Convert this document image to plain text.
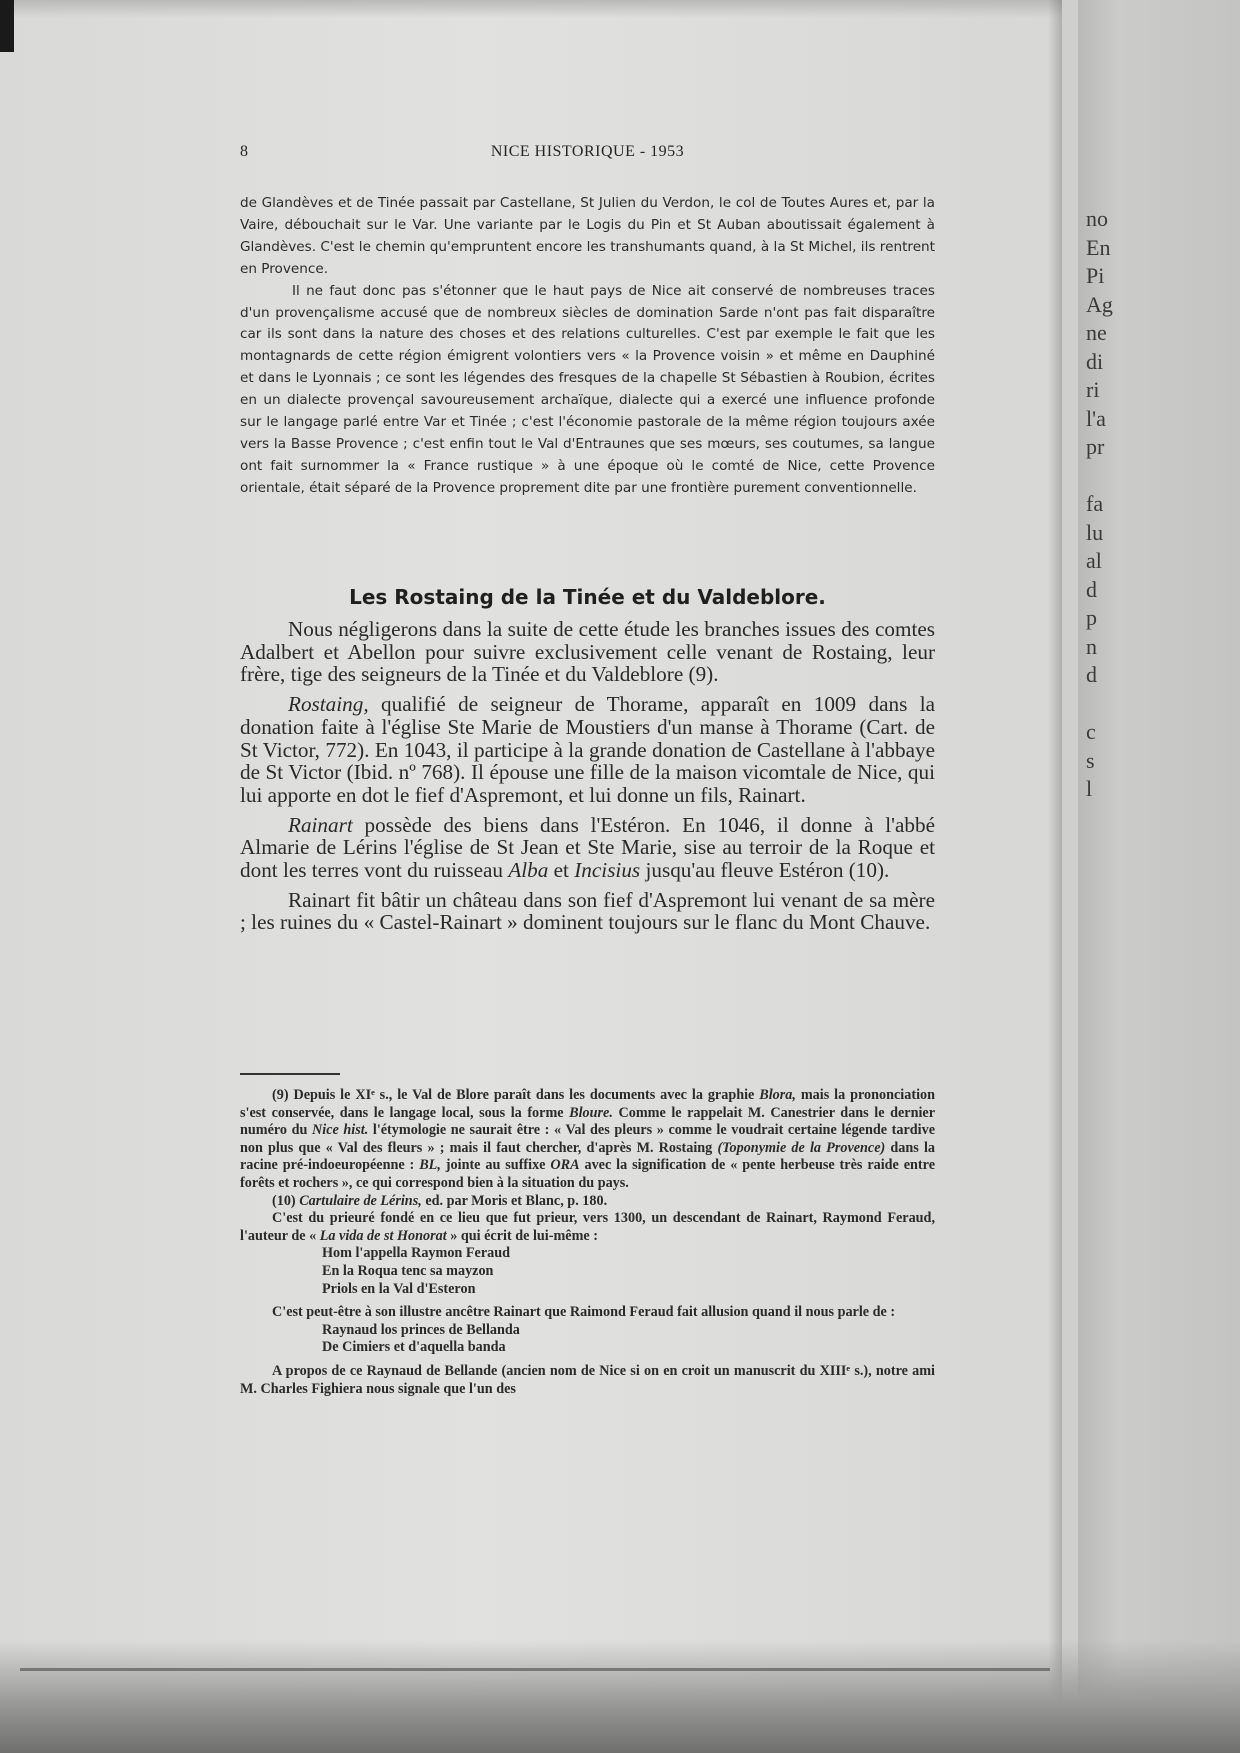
8	NICE HISTORIQUE - 1953

de Glandèves et de Tinée passait par Castellane, St Julien du Verdon, le col de Toutes Aures et, par la Vaire, débouchait sur le Var. Une variante par le Logis du Pin et St Auban aboutissait également à Glandèves. C'est le chemin qu'empruntent encore les transhumants quand, à la St Michel, ils rentrent en Provence.

Il ne faut donc pas s'étonner que le haut pays de Nice ait conservé de nombreuses traces d'un provençalisme accusé que de nombreux siècles de domination Sarde n'ont pas fait disparaître car ils sont dans la nature des choses et des relations culturelles. C'est par exemple le fait que les montagnards de cette région émigrent volontiers vers « la Provence voisin » et même en Dauphiné et dans le Lyonnais ; ce sont les légendes des fresques de la chapelle St Sébastien à Roubion, écrites en un dialecte provençal savoureusement archaïque, dialecte qui a exercé une influence profonde sur le langage parlé entre Var et Tinée ; c'est l'économie pastorale de la même région toujours axée vers la Basse Provence ; c'est enfin tout le Val d'Entraunes que ses mœurs, ses coutumes, sa langue ont fait surnommer la « France rustique » à une époque où le comté de Nice, cette Provence orientale, était séparé de la Provence proprement dite par une frontière purement conventionnelle.

Les Rostaing de la Tinée et du Valdeblore.

Nous négligerons dans la suite de cette étude les branches issues des comtes Adalbert et Abellon pour suivre exclusivement celle venant de Rostaing, leur frère, tige des seigneurs de la Tinée et du Valdeblore (9).

Rostaing, qualifié de seigneur de Thorame, apparaît en 1009 dans la donation faite à l'église Ste Marie de Moustiers d'un manse à Thorame (Cart. de St Victor, 772). En 1043, il participe à la grande donation de Castellane à l'abbaye de St Victor (Ibid. nº 768). Il épouse une fille de la maison vicomtale de Nice, qui lui apporte en dot le fief d'Aspremont, et lui donne un fils, Rainart.

Rainart possède des biens dans l'Estéron. En 1046, il donne à l'abbé Almarie de Lérins l'église de St Jean et Ste Marie, sise au terroir de la Roque et dont les terres vont du ruisseau Alba et Incisius jusqu'au fleuve Estéron (10).

Rainart fit bâtir un château dans son fief d'Aspremont lui venant de sa mère ; les ruines du « Castel-Rainart » dominent toujours sur le flanc du Mont Chauve.

(9) Depuis le XIᵉ s., le Val de Blore paraît dans les documents avec la graphie Blora, mais la prononciation s'est conservée, dans le langage local, sous la forme Bloure. Comme le rappelait M. Canestrier dans le dernier numéro du Nice hist. l'étymologie ne saurait être : « Val des pleurs » comme le voudrait certaine légende tardive non plus que « Val des fleurs » ; mais il faut chercher, d'après M. Rostaing (Toponymie de la Provence) dans la racine pré-indoeuropéenne : BL, jointe au suffixe ORA avec la signification de « pente herbeuse très raide entre forêts et rochers », ce qui correspond bien à la situation du pays.

(10) Cartulaire de Lérins, ed. par Moris et Blanc, p. 180.

C'est du prieuré fondé en ce lieu que fut prieur, vers 1300, un descendant de Rainart, Raymond Feraud, l'auteur de « La vida de st Honorat » qui écrit de lui-même :

Hom l'appella Raymon Feraud

En la Roqua tenc sa mayzon

Priols en la Val d'Esteron

C'est peut-être à son illustre ancêtre Rainart que Raimond Feraud fait allusion quand il nous parle de :

Raynaud los princes de Bellanda

De Cimiers et d'aquella banda

A propos de ce Raynaud de Bellande (ancien nom de Nice si on en croit un manuscrit du XIIIᵉ s.), notre ami M. Charles Fighiera nous signale que l'un des

no
En
Pi
Ag
ne
di
ri
l'a
pr
fa
lu
al
d
p
n
d
c
s
l
